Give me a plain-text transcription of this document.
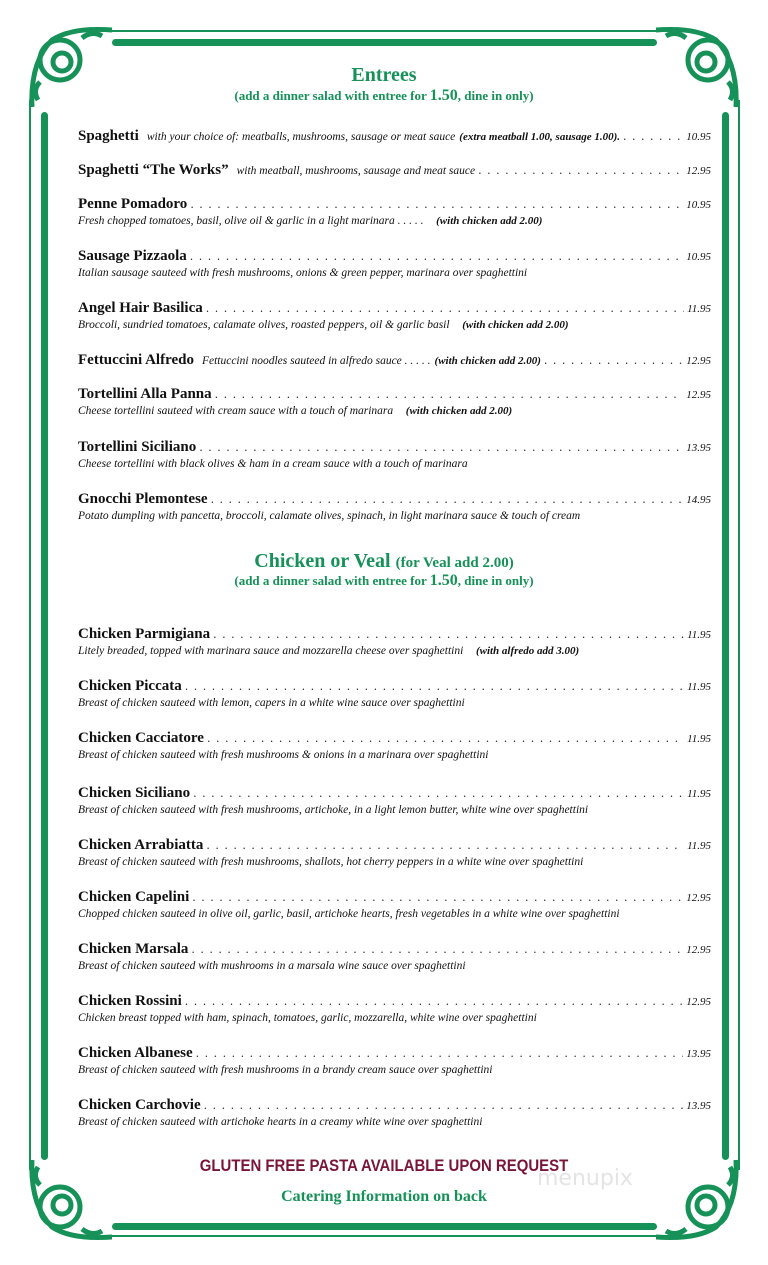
Entrees
(add a dinner salad with entree for 1.50, dine in only)
Spaghetti with your choice of: meatballs, mushrooms, sausage or meat sauce (extra meatball 1.00, sausage 1.00). . . .	10.95
Spaghetti “The Works” with meatball, mushrooms, sausage and meat sauce . . .	12.95
Penne Pomadoro . . .	10.95
Fresh chopped tomatoes, basil, olive oil & garlic in a light marinara . . . . . (with chicken add 2.00)
Sausage Pizzaola . . .	10.95
Italian sausage sauteed with fresh mushrooms, onions & green pepper, marinara over spaghettini
Angel Hair Basilica . . .	11.95
Broccoli, sundried tomatoes, calamate olives, roasted peppers, oil & garlic basil (with chicken add 2.00)
Fettuccini Alfredo Fettuccini noodles sauteed in alfredo sauce . . . . . (with chicken add 2.00) . . .	12.95
Tortellini Alla Panna . . .	12.95
Cheese tortellini sauteed with cream sauce with a touch of marinara (with chicken add 2.00)
Tortellini Siciliano . . .	13.95
Cheese tortellini with black olives & ham in a cream sauce with a touch of marinara
Gnocchi Plemontese . . .	14.95
Potato dumpling with pancetta, broccoli, calamate olives, spinach, in light marinara sauce & touch of cream
Chicken or Veal (for Veal add 2.00)
(add a dinner salad with entree for 1.50, dine in only)
Chicken Parmigiana . . .	11.95
Litely breaded, topped with marinara sauce and mozzarella cheese over spaghettini (with alfredo add 3.00)
Chicken Piccata . . .	11.95
Breast of chicken sauteed with lemon, capers in a white wine sauce over spaghettini
Chicken Cacciatore . . .	11.95
Breast of chicken sauteed with fresh mushrooms & onions in a marinara over spaghettini
Chicken Siciliano . . .	11.95
Breast of chicken sauteed with fresh mushrooms, artichoke, in a light lemon butter, white wine over spaghettini
Chicken Arrabiatta . . .	11.95
Breast of chicken sauteed with fresh mushrooms, shallots, hot cherry peppers in a white wine over spaghettini
Chicken Capelini . . .	12.95
Chopped chicken sauteed in olive oil, garlic, basil, artichoke hearts, fresh vegetables in a white wine over spaghettini
Chicken Marsala . . .	12.95
Breast of chicken sauteed with mushrooms in a marsala wine sauce over spaghettini
Chicken Rossini . . .	12.95
Chicken breast topped with ham, spinach, tomatoes, garlic, mozzarella, white wine over spaghettini
Chicken Albanese . . .	13.95
Breast of chicken sauteed with fresh mushrooms in a brandy cream sauce over spaghettini
Chicken Carchovie . . .	13.95
Breast of chicken sauteed with artichoke hearts in a creamy white wine over spaghettini
GLUTEN FREE PASTA AVAILABLE UPON REQUEST
Catering Information on back
menupix
